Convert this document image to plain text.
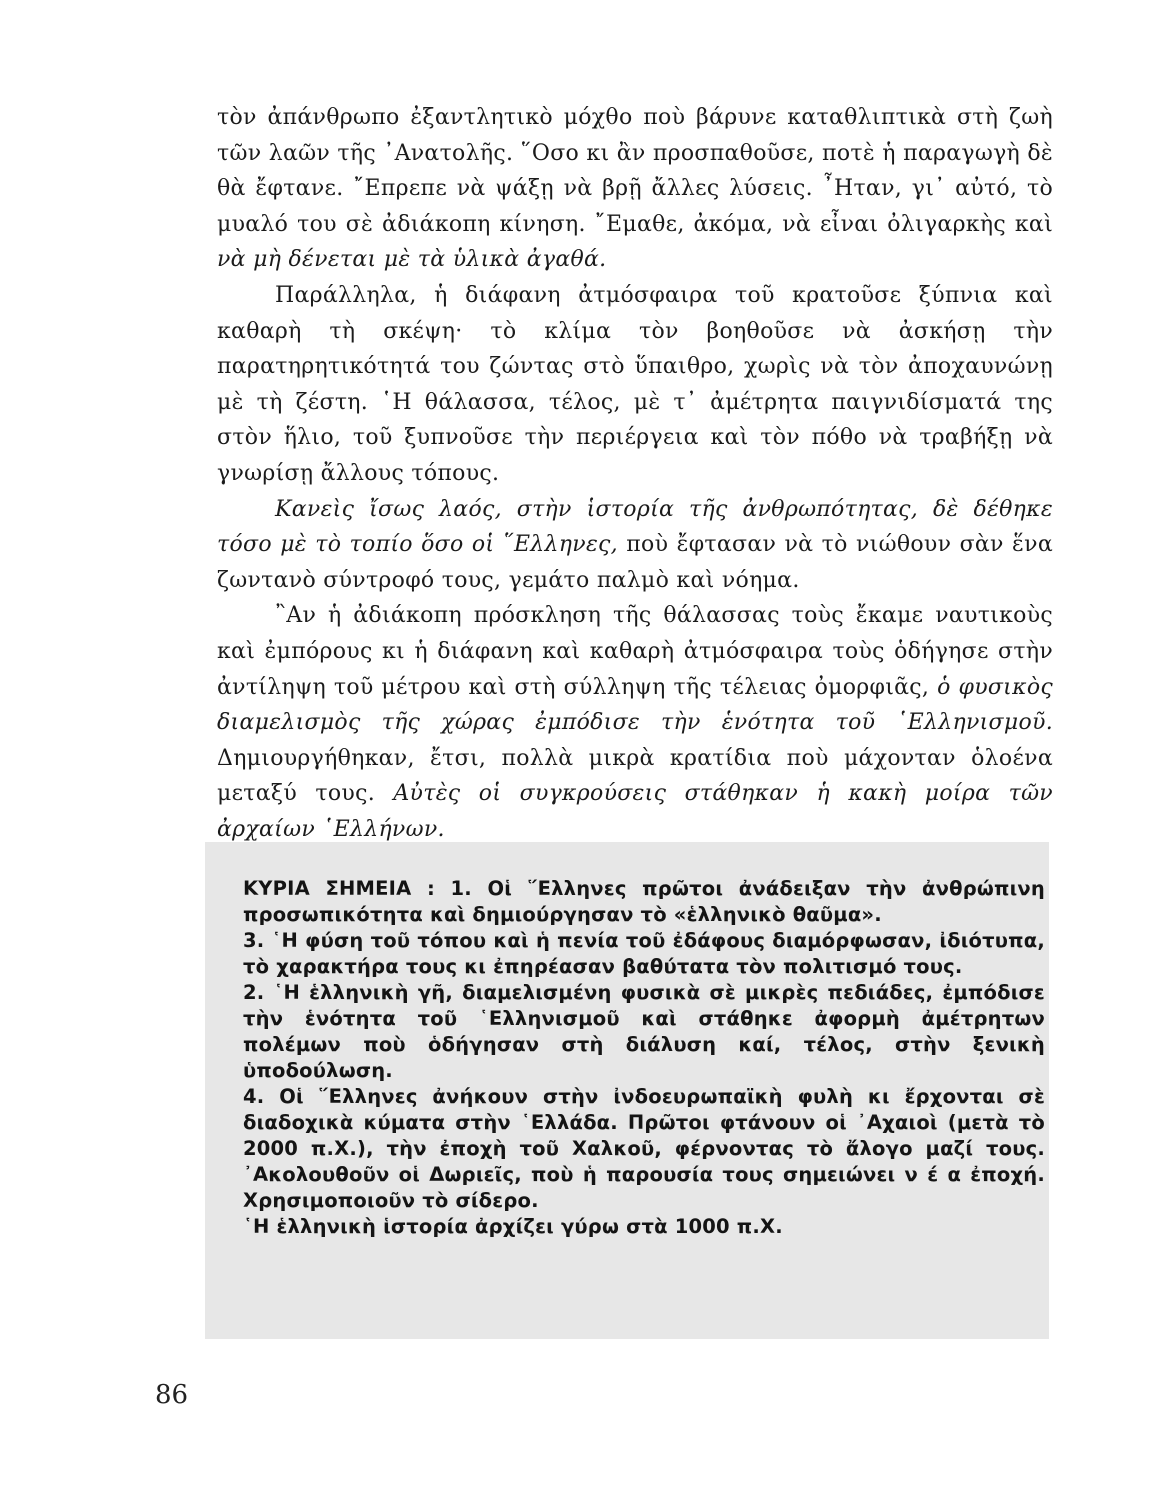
τὸν ἀπάνθρωπο ἐξαντλητικὸ μόχθο ποὺ βάρυνε καταθλιπτικὰ στὴ ζωὴ τῶν λαῶν τῆς ᾿Ανατολῆς. ῞Οσο κι ἂν προσπαθοῦσε, ποτὲ ἡ παραγωγὴ δὲ θὰ ἔφτανε. ῎Επρεπε νὰ ψάξῃ νὰ βρῇ ἄλλες λύσεις. ῏Ηταν, γι᾿ αὐτό, τὸ μυαλό του σὲ ἀδιάκοπη κίνηση. ῎Εμαθε, ἀκόμα, νὰ εἶναι ὀλιγαρκὴς καὶ νὰ μὴ δένεται μὲ τὰ ὑλικὰ ἀγαθά.

Παράλληλα, ἡ διάφανη ἀτμόσφαιρα τοῦ κρατοῦσε ξύπνια καὶ καθαρὴ τὴ σκέψη· τὸ κλίμα τὸν βοηθοῦσε νὰ ἀσκήσῃ τὴν παρατηρητικότητά του ζώντας στὸ ὕπαιθρο, χωρὶς νὰ τὸν ἀποχαυνώνῃ μὲ τὴ ζέστη. ῾Η θάλασσα, τέλος, μὲ τ᾿ ἀμέτρητα παιγνιδίσματά της στὸν ἥλιο, τοῦ ξυπνοῦσε τὴν περιέργεια καὶ τὸν πόθο νὰ τραβήξῃ νὰ γνωρίσῃ ἄλλους τόπους.

Κανεὶς ἴσως λαός, στὴν ἱστορία τῆς ἀνθρωπότητας, δὲ δέθηκε τόσο μὲ τὸ τοπίο ὅσο οἱ ῞Ελληνες, ποὺ ἔφτασαν νὰ τὸ νιώθουν σὰν ἕνα ζωντανὸ σύντροφό τους, γεμάτο παλμὸ καὶ νόημα.

῍Αν ἡ ἀδιάκοπη πρόσκληση τῆς θάλασσας τοὺς ἔκαμε ναυτικοὺς καὶ ἐμπόρους κι ἡ διάφανη καὶ καθαρὴ ἀτμόσφαιρα τοὺς ὁδήγησε στὴν ἀντίληψη τοῦ μέτρου καὶ στὴ σύλληψη τῆς τέλειας ὀμορφιᾶς, ὁ φυσικὸς διαμελισμὸς τῆς χώρας ἐμπόδισε τὴν ἑνότητα τοῦ ῾Ελληνισμοῦ. Δημιουργήθηκαν, ἔτσι, πολλὰ μικρὰ κρατίδια ποὺ μάχονταν ὁλοένα μεταξύ τους. Αὐτὲς οἱ συγκρούσεις στάθηκαν ἡ κακὴ μοίρα τῶν ἀρχαίων ῾Ελλήνων.

ΚΥΡΙΑ ΣΗΜΕΙΑ : 1. Οἱ ῞Ελληνες πρῶτοι ἀνάδειξαν τὴν ἀνθρώπινη προσωπικότητα καὶ δημιούργησαν τὸ «ἑλληνικὸ θαῦμα».

3. ῾Η φύση τοῦ τόπου καὶ ἡ πενία τοῦ ἐδάφους διαμόρφωσαν, ἰδιότυπα, τὸ χαρακτήρα τους κι ἐπηρέασαν βαθύτατα τὸν πολιτισμό τους.

2. ῾Η ἑλληνικὴ γῆ, διαμελισμένη φυσικὰ σὲ μικρὲς πεδιάδες, ἐμπόδισε τὴν ἑνότητα τοῦ ῾Ελληνισμοῦ καὶ στάθηκε ἀφορμὴ ἀμέτρητων πολέμων ποὺ ὁδήγησαν στὴ διάλυση καί, τέλος, στὴν ξενικὴ ὑποδούλωση.

4. Οἱ ῞Ελληνες ἀνήκουν στὴν ἰνδοευρωπαϊκὴ φυλὴ κι ἔρχονται σὲ διαδοχικὰ κύματα στὴν ῾Ελλάδα. Πρῶτοι φτάνουν οἱ ᾿Αχαιοὶ (μετὰ τὸ 2000 π.Χ.), τὴν ἐποχὴ τοῦ Χαλκοῦ, φέρνοντας τὸ ἄλογο μαζί τους. ᾿Ακολουθοῦν οἱ Δωριεῖς, ποὺ ἡ παρουσία τους σημειώνει ν έ α ἐποχή. Χρησιμοποιοῦν τὸ σίδερο.

῾Η ἑλληνικὴ ἱστορία ἀρχίζει γύρω στὰ 1000 π.Χ.

86
